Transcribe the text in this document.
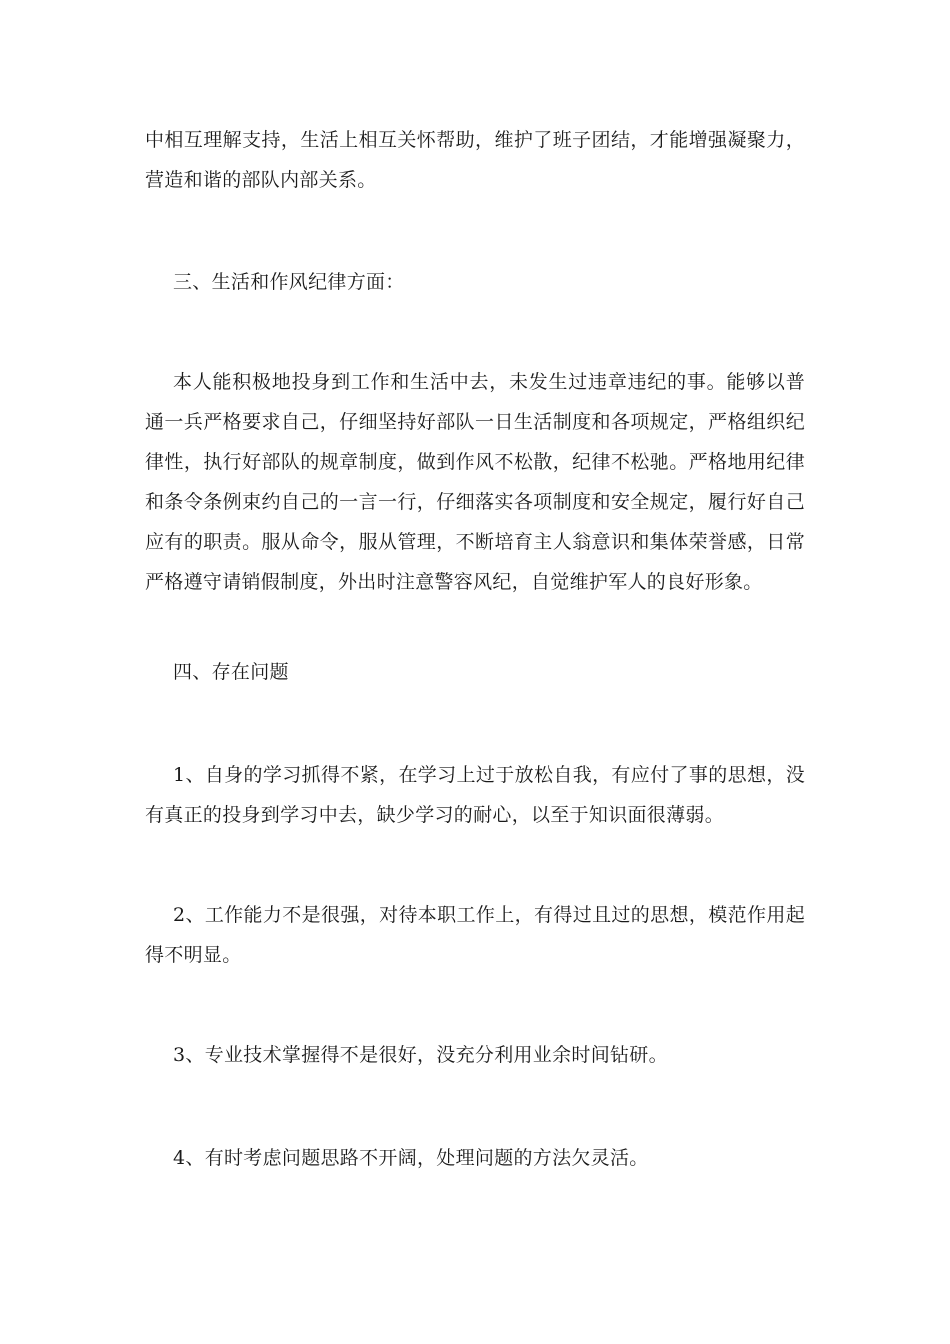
中相互理解支持，生活上相互关怀帮助，维护了班子团结，才能增强凝聚力，营造和谐的部队内部关系。

三、生活和作风纪律方面：

本人能积极地投身到工作和生活中去，未发生过违章违纪的事。能够以普通一兵严格要求自己，仔细坚持好部队一日生活制度和各项规定，严格组织纪律性，执行好部队的规章制度，做到作风不松散，纪律不松驰。严格地用纪律和条令条例束约自己的一言一行，仔细落实各项制度和安全规定，履行好自己应有的职责。服从命令，服从管理，不断培育主人翁意识和集体荣誉感，日常严格遵守请销假制度，外出时注意警容风纪，自觉维护军人的良好形象。

四、存在问题

1、自身的学习抓得不紧，在学习上过于放松自我，有应付了事的思想，没有真正的投身到学习中去，缺少学习的耐心，以至于知识面很薄弱。

2、工作能力不是很强，对待本职工作上，有得过且过的思想，模范作用起得不明显。

3、专业技术掌握得不是很好，没充分利用业余时间钻研。

4、有时考虑问题思路不开阔，处理问题的方法欠灵活。
